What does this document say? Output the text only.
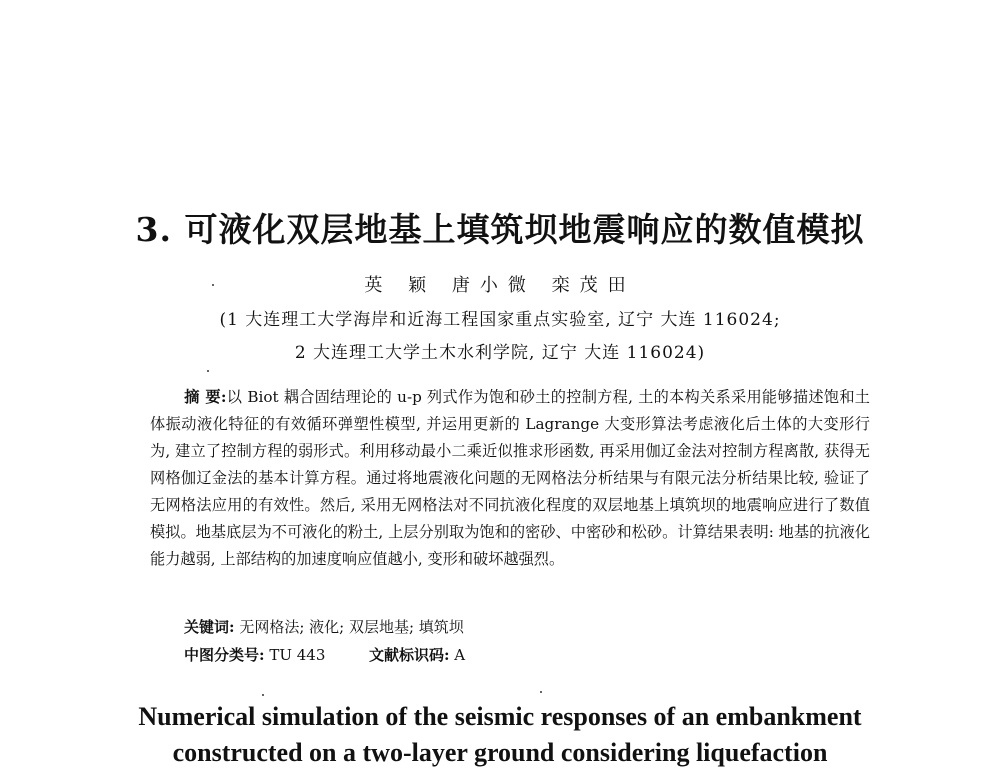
3. 可液化双层地基上填筑坝地震响应的数值模拟
英 颖 唐小微 栾茂田
(1 大连理工大学海岸和近海工程国家重点实验室, 辽宁 大连 116024;
2 大连理工大学土木水利学院, 辽宁 大连 116024)
摘 要:以 Biot 耦合固结理论的 u-p 列式作为饱和砂土的控制方程, 土的本构关系采用能够描述饱和土体振动液化特征的有效循环弹塑性模型, 并运用更新的 Lagrange 大变形算法考虑液化后土体的大变形行为, 建立了控制方程的弱形式。利用移动最小二乘近似推求形函数, 再采用伽辽金法对控制方程离散, 获得无网格伽辽金法的基本计算方程。通过将地震液化问题的无网格法分析结果与有限元法分析结果比较, 验证了无网格法应用的有效性。然后, 采用无网格法对不同抗液化程度的双层地基上填筑坝的地震响应进行了数值模拟。地基底层为不可液化的粉土, 上层分别取为饱和的密砂、中密砂和松砂。计算结果表明: 地基的抗液化能力越弱, 上部结构的加速度响应值越小, 变形和破坏越强烈。
关键词: 无网格法; 液化; 双层地基; 填筑坝
中图分类号: TU 443	文献标识码: A
Numerical simulation of the seismic responses of an embankment
constructed on a two-layer ground considering liquefaction
